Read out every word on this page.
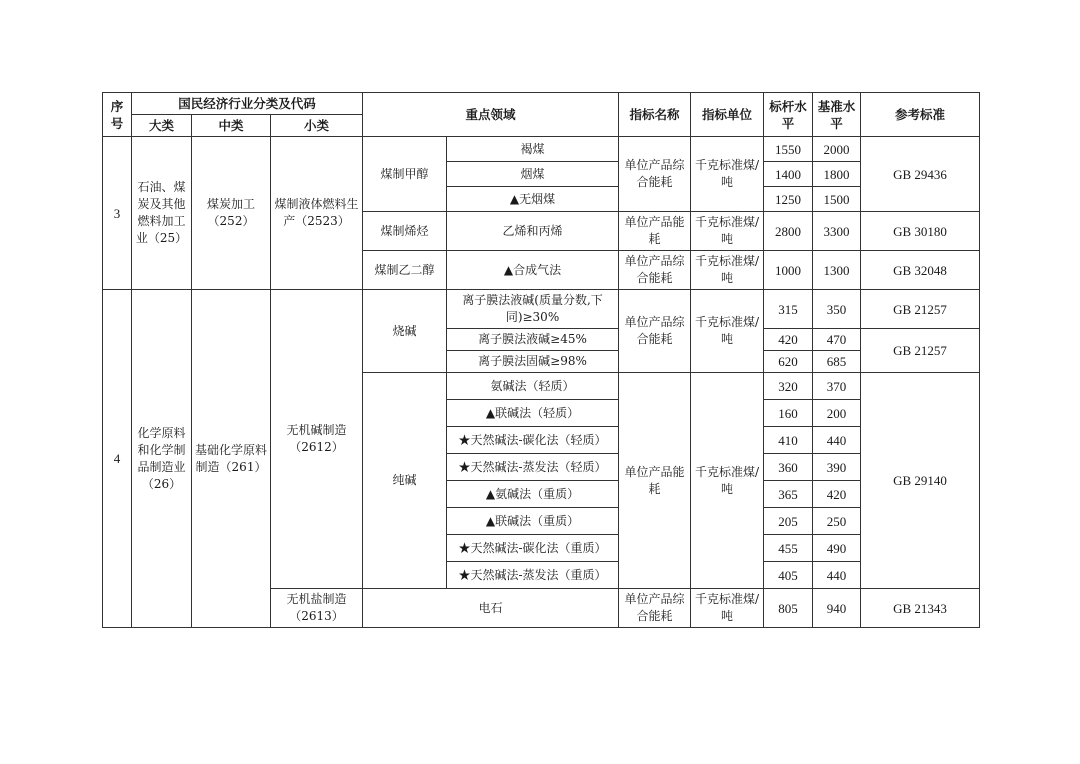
序号	国民经济行业分类及代码			重点领域		指标名称	指标单位	标杆水平	基准水平	参考标准
	大类	中类	小类							
3	石油、煤炭及其他燃料加工业（25）	煤炭加工（252）	煤制液体燃料生产（2523）	煤制甲醇	褐煤	单位产品综合能耗	千克标准煤/吨	1550	2000	GB 29436
					烟煤			1400	1800	
					▲无烟煤			1250	1500	
				煤制烯烃	乙烯和丙烯	单位产品能耗	千克标准煤/吨	2800	3300	GB 30180
				煤制乙二醇	▲合成气法	单位产品综合能耗	千克标准煤/吨	1000	1300	GB 32048
4	化学原料和化学制品制造业（26）	基础化学原料制造（261）	无机碱制造（2612）	烧碱	离子膜法液碱(质量分数,下同)≥30%	单位产品综合能耗	千克标准煤/吨	315	350	GB 21257
					离子膜法液碱≥45%			420	470	GB 21257
					离子膜法固碱≥98%			620	685	
				纯碱	氨碱法（轻质）	单位产品能耗	千克标准煤/吨	320	370	GB 29140
					▲联碱法（轻质）			160	200	
					★天然碱法-碳化法（轻质）			410	440	
					★天然碱法-蒸发法（轻质）			360	390	
					▲氨碱法（重质）			365	420	
					▲联碱法（重质）			205	250	
					★天然碱法-碳化法（重质）			455	490	
					★天然碱法-蒸发法（重质）			405	440	
			无机盐制造（2613）	电石		单位产品综合能耗	千克标准煤/吨	805	940	GB 21343
